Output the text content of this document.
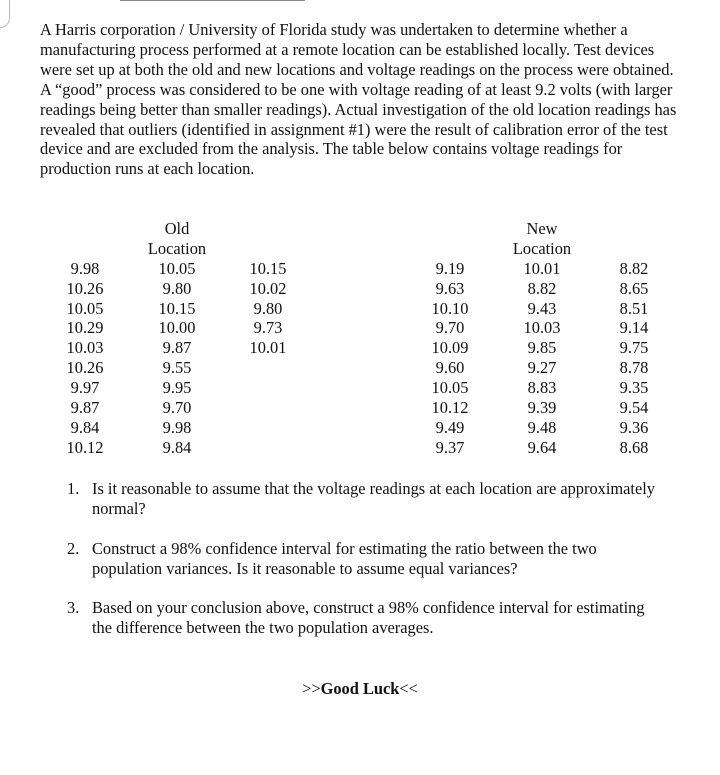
A Harris corporation / University of Florida study was undertaken to determine whether a manufacturing process performed at a remote location can be established locally. Test devices were set up at both the old and new locations and voltage readings on the process were obtained. A “good” process was considered to be one with voltage reading of at least 9.2 volts (with larger readings being better than smaller readings). Actual investigation of the old location readings has revealed that outliers (identified in assignment #1) were the result of calibration error of the test device and are excluded from the analysis. The table below contains voltage readings for production runs at each location.

Old
Location
New
Location
9.98
10.26
10.05
10.29
10.03
10.26
9.97
9.87
9.84
10.12
10.05
9.80
10.15
10.00
9.87
9.55
9.95
9.70
9.98
9.84
10.15
10.02
9.80
9.73
10.01
9.19
9.63
10.10
9.70
10.09
9.60
10.05
10.12
9.49
9.37
10.01
8.82
9.43
10.03
9.85
9.27
8.83
9.39
9.48
9.64
8.82
8.65
8.51
9.14
9.75
8.78
9.35
9.54
9.36
8.68
1. Is it reasonable to assume that the voltage readings at each location are approximately normal?
2. Construct a 98% confidence interval for estimating the ratio between the two population variances. Is it reasonable to assume equal variances?
3. Based on your conclusion above, construct a 98% confidence interval for estimating the difference between the two population averages.
>>Good Luck<<
